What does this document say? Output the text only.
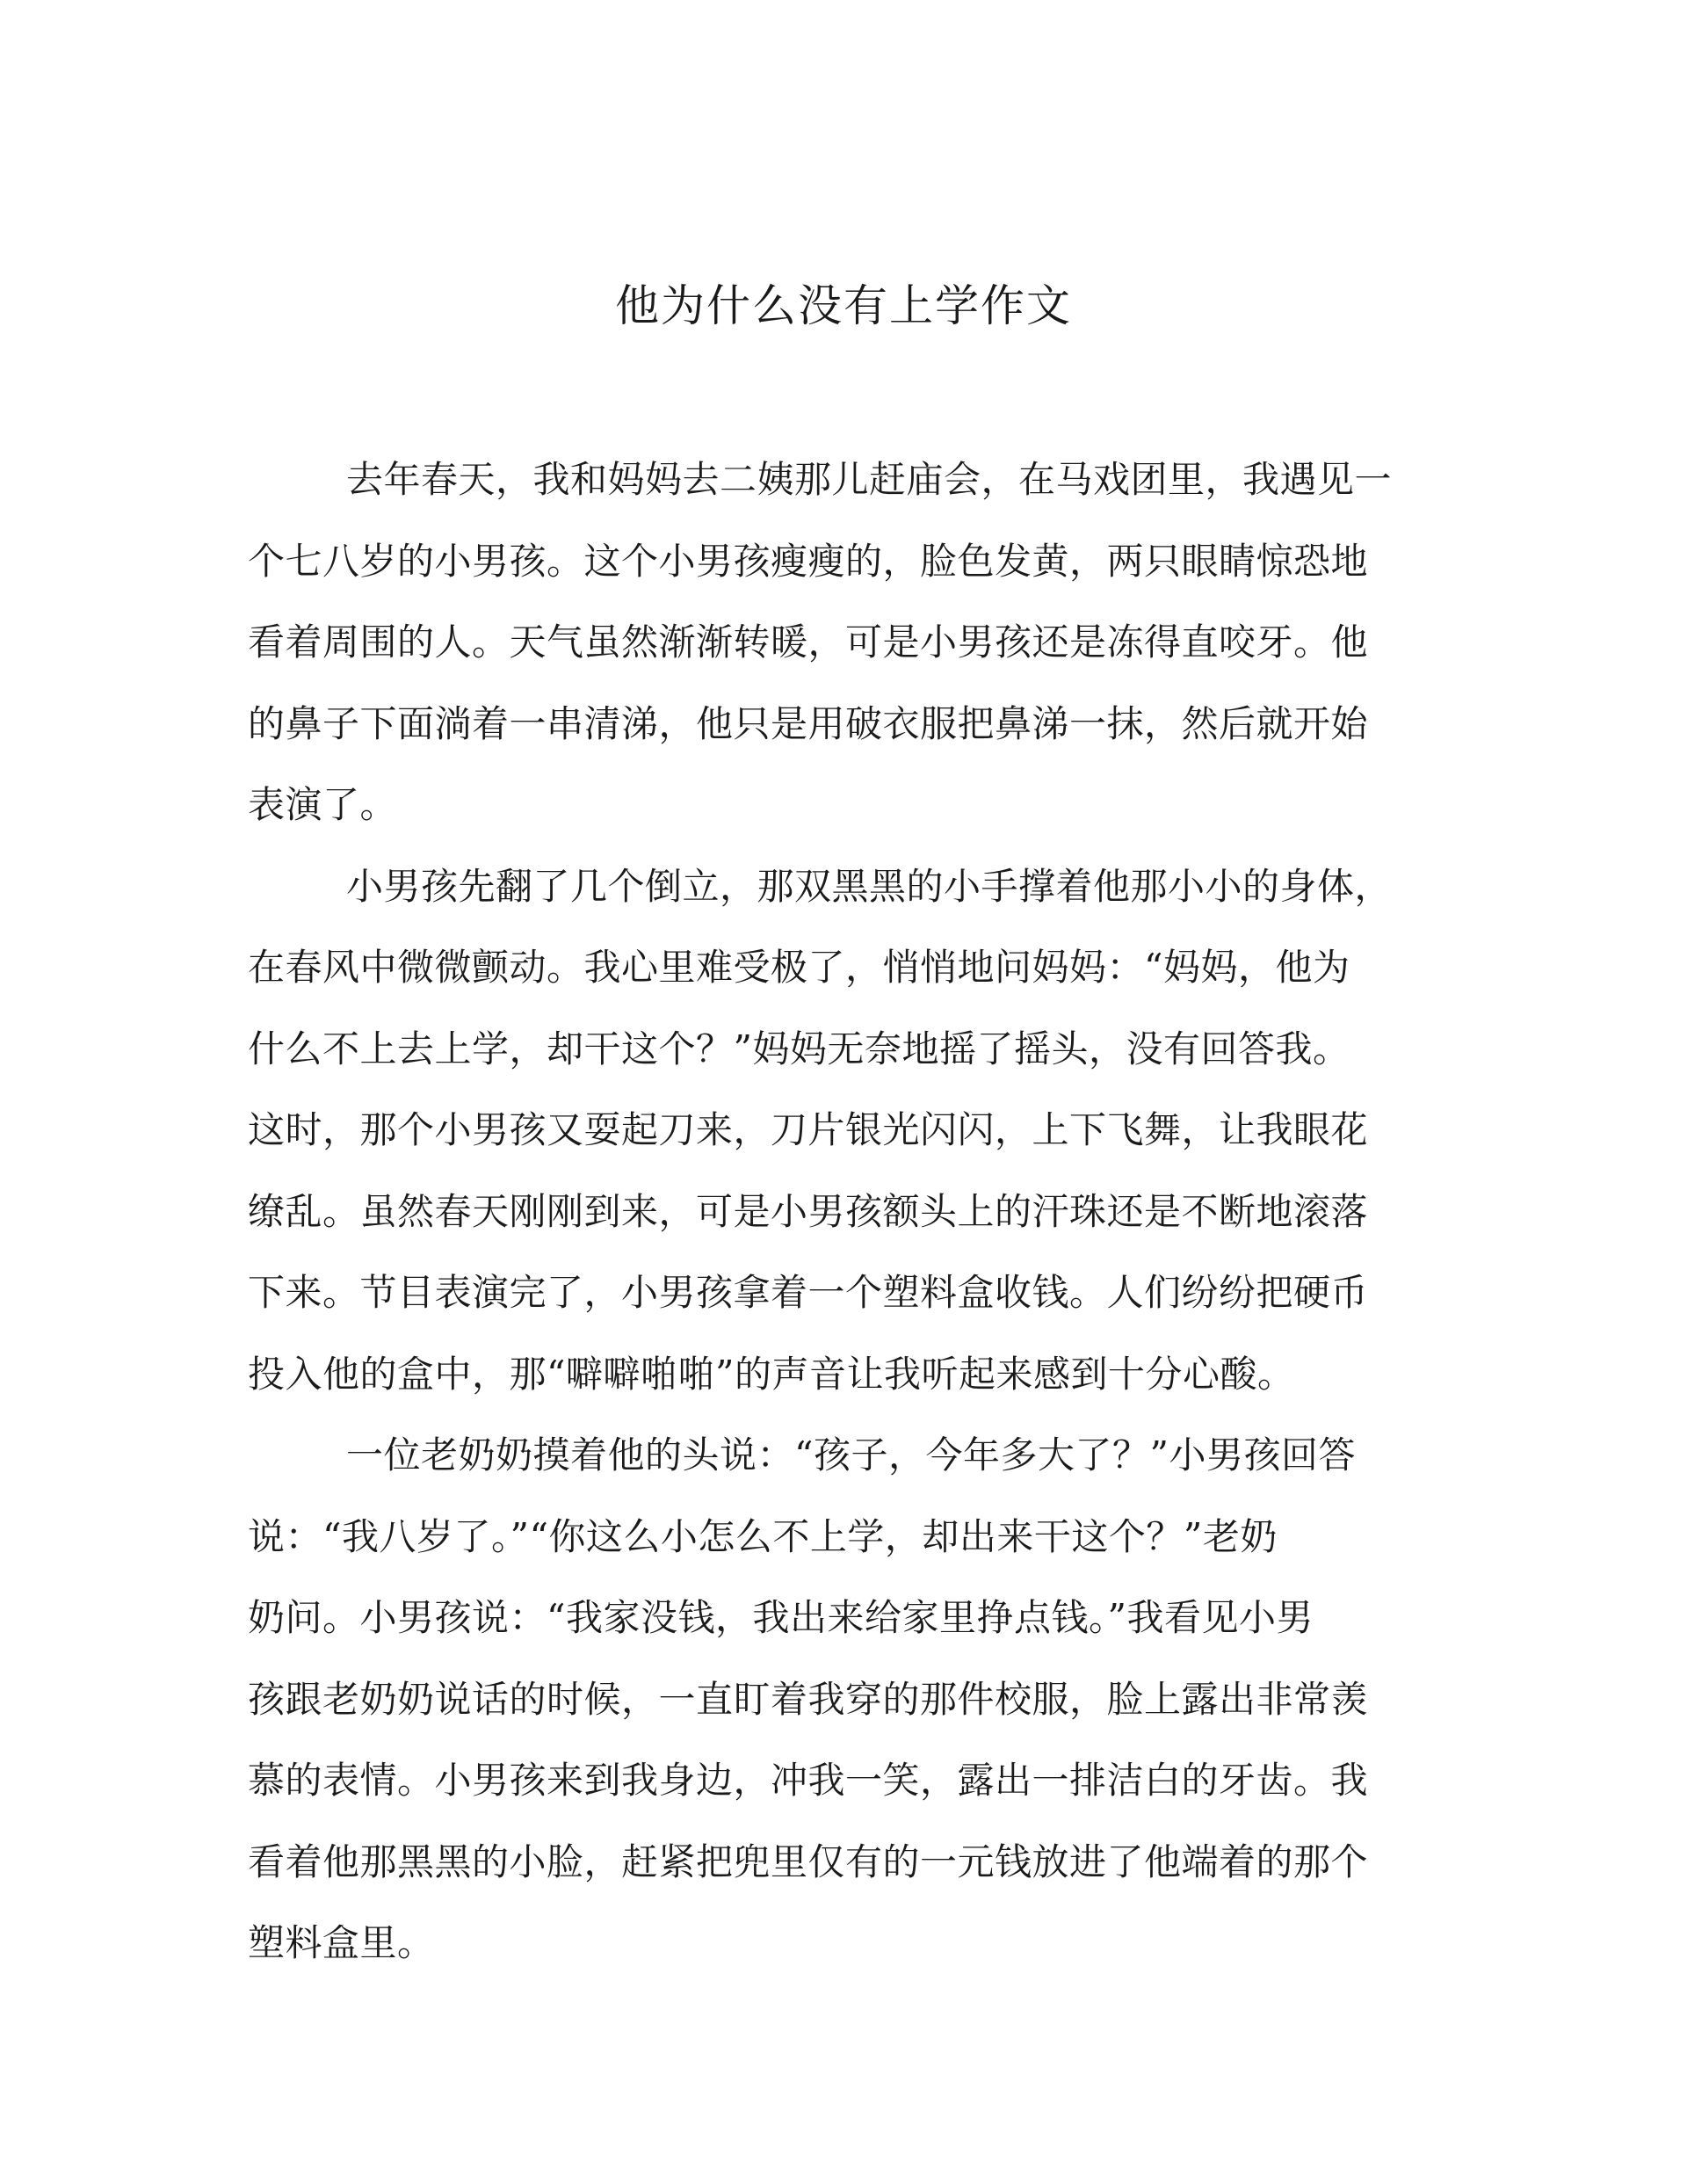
他为什么没有上学作文

去年春天，我和妈妈去二姨那儿赶庙会，在马戏团里，我遇见一
个七八岁的小男孩。这个小男孩瘦瘦的，脸色发黄，两只眼睛惊恐地
看着周围的人。天气虽然渐渐转暖，可是小男孩还是冻得直咬牙。他
的鼻子下面淌着一串清涕，他只是用破衣服把鼻涕一抹，然后就开始
表演了。

小男孩先翻了几个倒立，那双黑黑的小手撑着他那小小的身体，
在春风中微微颤动。我心里难受极了，悄悄地问妈妈：“妈妈，他为
什么不上去上学，却干这个？”妈妈无奈地摇了摇头，没有回答我。
这时，那个小男孩又耍起刀来，刀片银光闪闪，上下飞舞，让我眼花
缭乱。虽然春天刚刚到来，可是小男孩额头上的汗珠还是不断地滚落
下来。节目表演完了，小男孩拿着一个塑料盒收钱。人们纷纷把硬币
投入他的盒中，那“噼噼啪啪”的声音让我听起来感到十分心酸。

一位老奶奶摸着他的头说：“孩子，今年多大了？”小男孩回答
说：“我八岁了。”“你这么小怎么不上学，却出来干这个？”老奶
奶问。小男孩说：“我家没钱，我出来给家里挣点钱。”我看见小男
孩跟老奶奶说话的时候，一直盯着我穿的那件校服，脸上露出非常羡
慕的表情。小男孩来到我身边，冲我一笑，露出一排洁白的牙齿。我
看着他那黑黑的小脸，赶紧把兜里仅有的一元钱放进了他端着的那个
塑料盒里。
